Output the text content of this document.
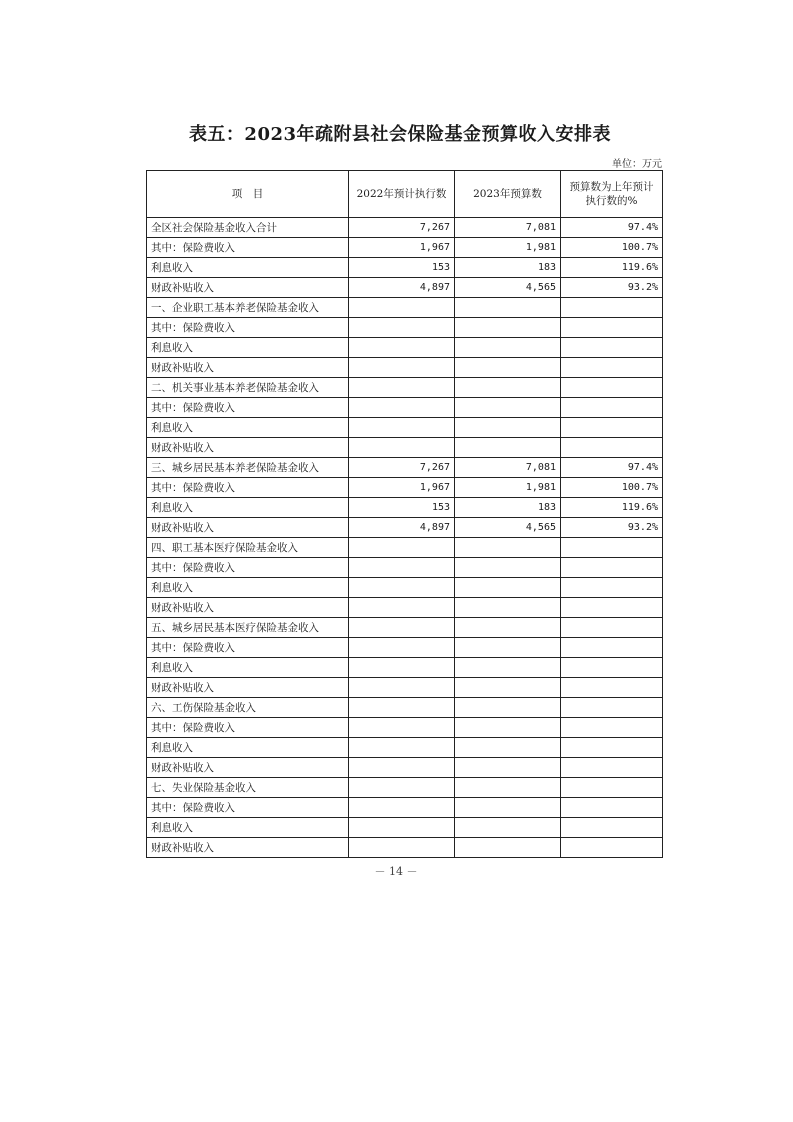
表五：2023年疏附县社会保险基金预算收入安排表
单位：万元
项　目	2022年预计执行数	2023年预算数	预算数为上年预计执行数的%
全区社会保险基金收入合计	7,267	7,081	97.4%
其中：保险费收入	1,967	1,981	100.7%
利息收入	153	183	119.6%
财政补贴收入	4,897	4,565	93.2%
一、企业职工基本养老保险基金收入			
其中：保险费收入			
利息收入			
财政补贴收入			
二、机关事业基本养老保险基金收入			
其中：保险费收入			
利息收入			
财政补贴收入			
三、城乡居民基本养老保险基金收入	7,267	7,081	97.4%
其中：保险费收入	1,967	1,981	100.7%
利息收入	153	183	119.6%
财政补贴收入	4,897	4,565	93.2%
四、职工基本医疗保险基金收入			
其中：保险费收入			
利息收入			
财政补贴收入			
五、城乡居民基本医疗保险基金收入			
其中：保险费收入			
利息收入			
财政补贴收入			
六、工伤保险基金收入			
其中：保险费收入			
利息收入			
财政补贴收入			
七、失业保险基金收入			
其中：保险费收入			
利息收入			
财政补贴收入			
－ 14 －
